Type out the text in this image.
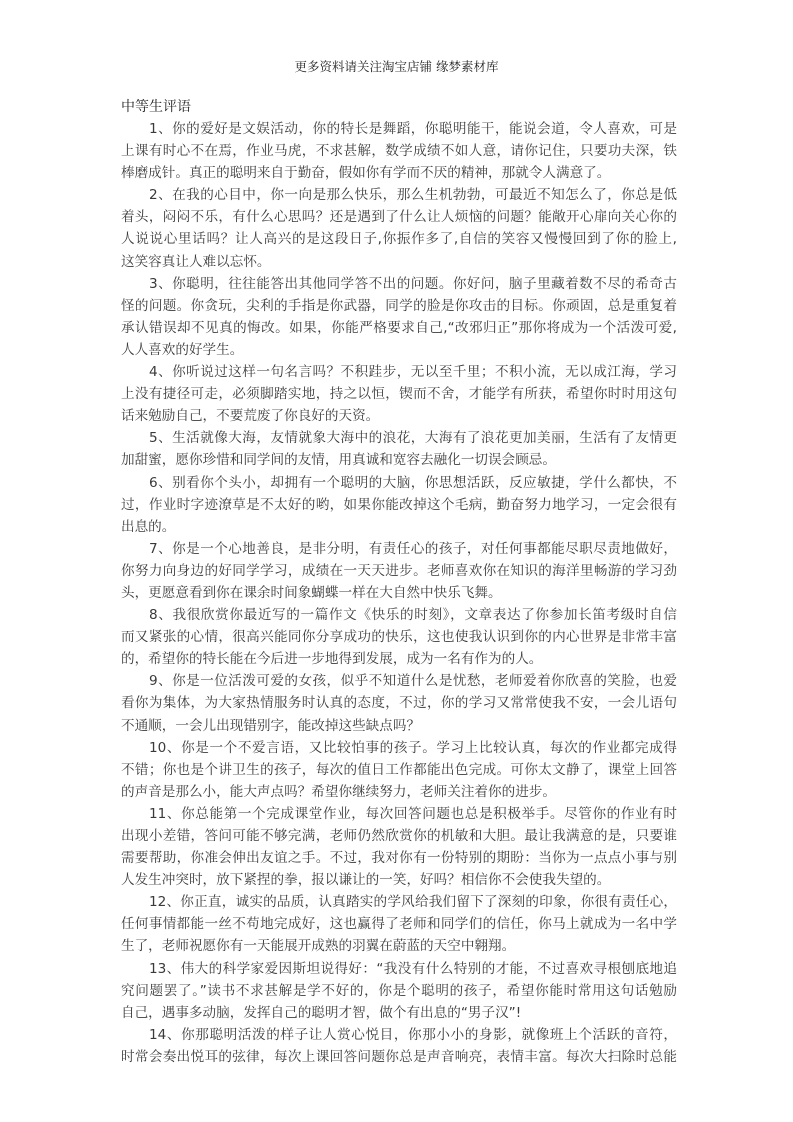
更多资料请关注淘宝店铺 缘梦素材库
中等生评语
1、你的爱好是文娱活动，你的特长是舞蹈，你聪明能干，能说会道，令人喜欢，可是
上课有时心不在焉，作业马虎，不求甚解，数学成绩不如人意，请你记住，只要功夫深，铁
棒磨成针。真正的聪明来自于勤奋，假如你有学而不厌的精神，那就令人满意了。
2、在我的心目中，你一向是那么快乐，那么生机勃勃，可最近不知怎么了，你总是低
着头，闷闷不乐，有什么心思吗？还是遇到了什么让人烦恼的问题？能敞开心扉向关心你的
人说说心里话吗？让人高兴的是这段日子,你振作多了,自信的笑容又慢慢回到了你的脸上,
这笑容真让人难以忘怀。
3、你聪明，往往能答出其他同学答不出的问题。你好问，脑子里藏着数不尽的希奇古
怪的问题。你贪玩，尖利的手指是你武器，同学的脸是你攻击的目标。你顽固，总是重复着
承认错误却不见真的悔改。如果，你能严格要求自己,“改邪归正”那你将成为一个活泼可爱,
人人喜欢的好学生。
4、你听说过这样一句名言吗？不积跬步，无以至千里；不积小流，无以成江海，学习
上没有捷径可走，必须脚踏实地，持之以恒，锲而不舍，才能学有所获，希望你时时用这句
话来勉励自己，不要荒废了你良好的天资。
5、生活就像大海，友情就象大海中的浪花，大海有了浪花更加美丽，生活有了友情更
加甜蜜，愿你珍惜和同学间的友情，用真诚和宽容去融化一切误会顾忌。
6、别看你个头小，却拥有一个聪明的大脑，你思想活跃，反应敏捷，学什么都快，不
过，作业时字迹潦草是不太好的哟，如果你能改掉这个毛病，勤奋努力地学习，一定会很有
出息的。
7、你是一个心地善良，是非分明，有责任心的孩子，对任何事都能尽职尽责地做好，
你努力向身边的好同学学习，成绩在一天天进步。老师喜欢你在知识的海洋里畅游的学习劲
头，更愿意看到你在课余时间象蝴蝶一样在大自然中快乐飞舞。
8、我很欣赏你最近写的一篇作文《快乐的时刻》，文章表达了你参加长笛考级时自信
而又紧张的心情，很高兴能同你分享成功的快乐，这也使我认识到你的内心世界是非常丰富
的，希望你的特长能在今后进一步地得到发展，成为一名有作为的人。
9、你是一位活泼可爱的女孩，似乎不知道什么是忧愁，老师爱着你欣喜的笑脸，也爱
看你为集体，为大家热情服务时认真的态度，不过，你的学习又常常使我不安，一会儿语句
不通顺，一会儿出现错别字，能改掉这些缺点吗？
10、你是一个不爱言语，又比较怕事的孩子。学习上比较认真，每次的作业都完成得
不错；你也是个讲卫生的孩子，每次的值日工作都能出色完成。可你太文静了，课堂上回答
的声音是那么小，能大声点吗？希望你继续努力，老师关注着你的进步。
11、你总能第一个完成课堂作业，每次回答问题也总是积极举手。尽管你的作业有时
出现小差错，答问可能不够完满，老师仍然欣赏你的机敏和大胆。最让我满意的是，只要谁
需要帮助，你准会伸出友谊之手。不过，我对你有一份特别的期盼：当你为一点点小事与别
人发生冲突时，放下紧捏的拳，报以谦让的一笑，好吗？相信你不会使我失望的。
12、你正直，诚实的品质，认真踏实的学风给我们留下了深刻的印象，你很有责任心，
任何事情都能一丝不苟地完成好，这也赢得了老师和同学们的信任，你马上就成为一名中学
生了，老师祝愿你有一天能展开成熟的羽翼在蔚蓝的天空中翱翔。
13、伟大的科学家爱因斯坦说得好：“我没有什么特别的才能，不过喜欢寻根刨底地追
究问题罢了。”读书不求甚解是学不好的，你是个聪明的孩子，希望你能时常用这句话勉励
自己，遇事多动脑，发挥自己的聪明才智，做个有出息的“男子汉”!
14、你那聪明活泼的样子让人赏心悦目，你那小小的身影，就像班上个活跃的音符，
时常会奏出悦耳的弦律，每次上课回答问题你总是声音响亮，表情丰富。每次大扫除时总能
